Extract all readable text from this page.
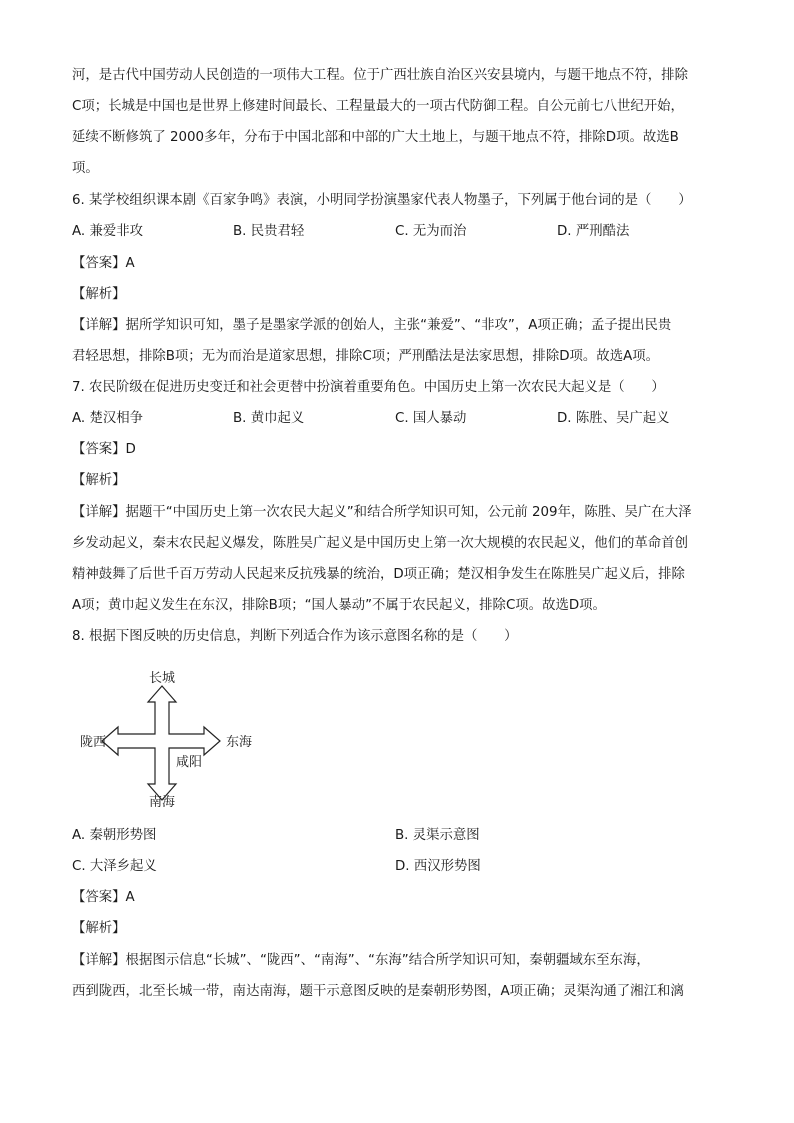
河，是古代中国劳动人民创造的一项伟大工程。位于广西壮族自治区兴安县境内，与题干地点不符，排除
C项；长城是中国也是世界上修建时间最长、工程量最大的一项古代防御工程。自公元前七八世纪开始，
延续不断修筑了 2000多年，分布于中国北部和中部的广大土地上，与题干地点不符，排除D项。故选B
项。
6. 某学校组织课本剧《百家争鸣》表演，小明同学扮演墨家代表人物墨子，下列属于他台词的是（　　）
A. 兼爱非攻	B. 民贵君轻	C. 无为而治	D. 严刑酷法
【答案】A
【解析】
【详解】据所学知识可知，墨子是墨家学派的创始人，主张“兼爱”、“非攻”，A项正确；孟子提出民贵
君轻思想，排除B项；无为而治是道家思想，排除C项；严刑酷法是法家思想，排除D项。故选A项。
7. 农民阶级在促进历史变迁和社会更替中扮演着重要角色。中国历史上第一次农民大起义是（　　）
A. 楚汉相争	B. 黄巾起义	C. 国人暴动	D. 陈胜、吴广起义
【答案】D
【解析】
【详解】据题干“中国历史上第一次农民大起义”和结合所学知识可知，公元前 209年，陈胜、吴广在大泽
乡发动起义，秦末农民起义爆发，陈胜吴广起义是中国历史上第一次大规模的农民起义，他们的革命首创
精神鼓舞了后世千百万劳动人民起来反抗残暴的统治，D项正确；楚汉相争发生在陈胜吴广起义后，排除
A项；黄巾起义发生在东汉，排除B项；“国人暴动”不属于农民起义，排除C项。故选D项。
8. 根据下图反映的历史信息，判断下列适合作为该示意图名称的是（　　）
长城
陇西	东海
咸阳
南海
A. 秦朝形势图	B. 灵渠示意图
C. 大泽乡起义	D. 西汉形势图
【答案】A
【解析】
【详解】根据图示信息“长城”、“陇西”、“南海”、“东海”结合所学知识可知，秦朝疆域东至东海，
西到陇西，北至长城一带，南达南海，题干示意图反映的是秦朝形势图，A项正确；灵渠沟通了湘江和漓
